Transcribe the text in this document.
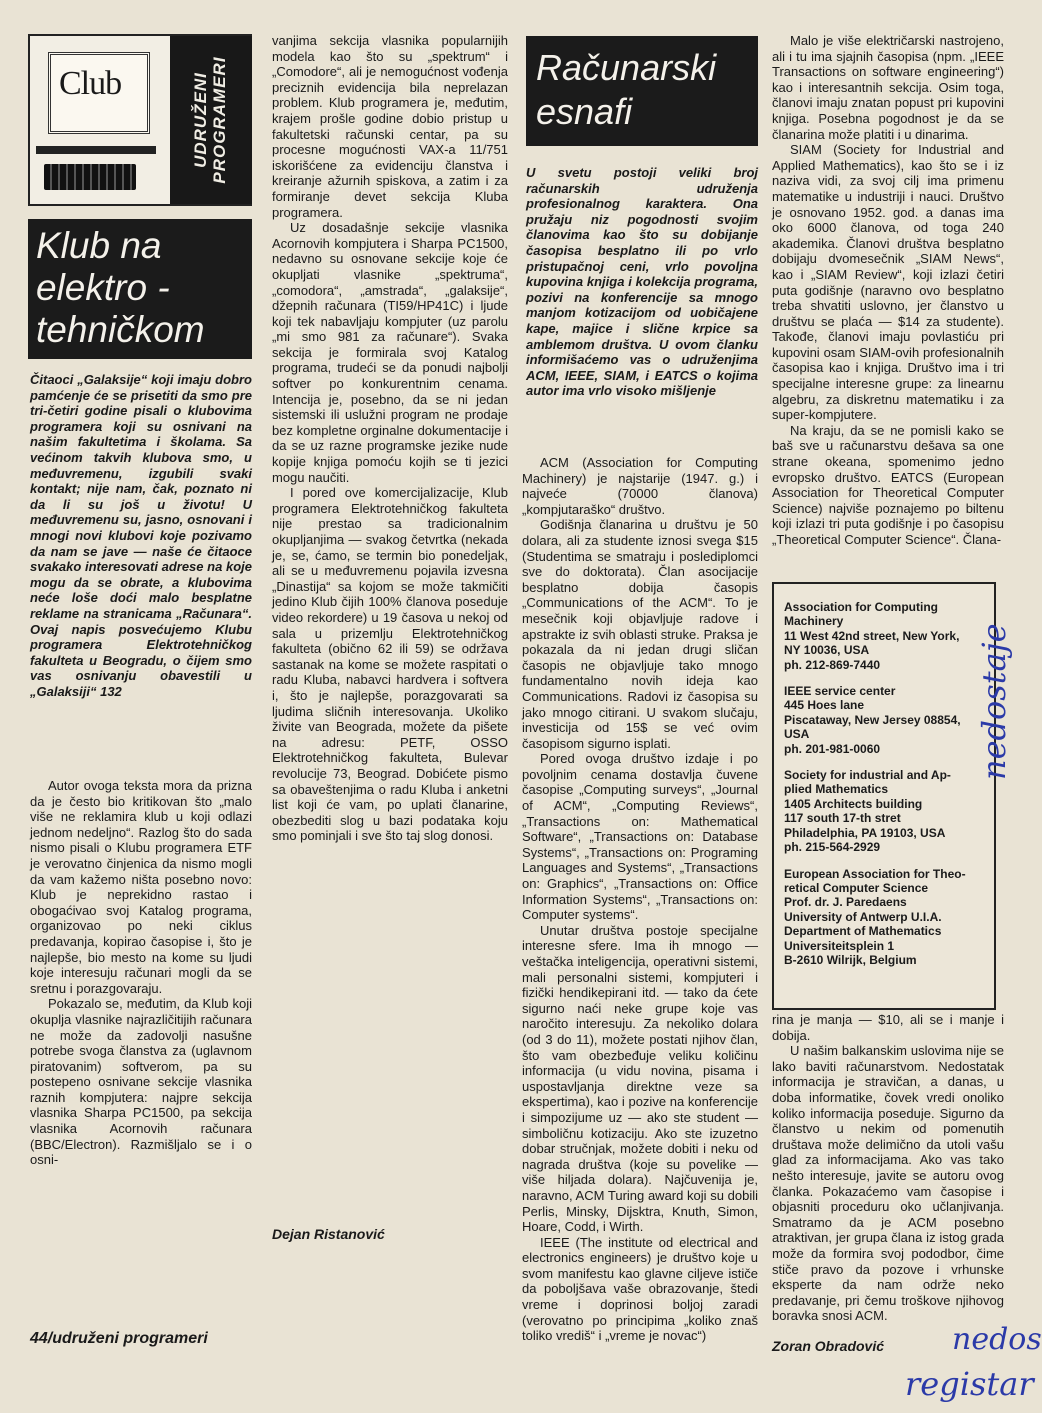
Club	UDRUŽENI
PROGRAMERI
Klub na
elektro -
tehničkom
Čitaoci „Galaksije“ koji imaju dobro pamćenje će se prisetiti da smo pre tri-četiri godine pisali o klubovima programera koji su osnivani na našim fakultetima i školama. Sa većinom takvih klubova smo, u međuvremenu, izgubili svaki kontakt; nije nam, čak, poznato ni da li su još u životu! U međuvremenu su, jasno, osnovani i mnogi novi klubovi koje pozivamo da nam se jave — naše će čitaoce svakako interesovati adrese na koje mogu da se obrate, a klubovima neće loše doći malo besplatne reklame na stranicama „Računara“. Ovaj napis posvećujemo Klubu programera Elektrotehničkog fakulteta u Beogradu, o čijem smo vas osnivanju obavestili u „Galaksiji“ 132

Autor ovoga teksta mora da prizna da je često bio kritikovan što „malo više ne reklamira klub u koji odlazi jednom nedeljno“. Razlog što do sada nismo pisali o Klubu programera ETF je verovatno činjenica da nismo mogli da vam kažemo ništa posebno novo: Klub je neprekidno rastao i obogaćivao svoj Katalog programa, organizovao po neki ciklus predavanja, kopirao časopise i, što je najlepše, bio mesto na kome su ljudi koje interesuju računari mogli da se sretnu i porazgovaraju.

Pokazalo se, međutim, da Klub koji okuplja vlasnike najrazličitijih računara ne može da zadovolji nasušne potrebe svoga članstva za (uglavnom piratovanim) softverom, pa su postepeno osnivane sekcije vlasnika raznih kompjutera: najpre sekcija vlasnika Sharpa PC1500, pa sekcija vlasnika Acornovih računara (BBC/Electron). Razmišljalo se i o osni-

44/udruženi programeri

vanjima sekcija vlasnika popularnijih modela kao što su „spektrum“ i „Comodore“, ali je nemogućnost vođenja preciznih evidencija bila neprelazan problem. Klub programera je, međutim, krajem prošle godine dobio pristup u fakultetski računski centar, pa su procesne mogućnosti VAX-a 11/751 iskorišćene za evidenciju članstva i kreiranje ažurnih spiskova, a zatim i za formiranje devet sekcija Kluba programera.

Uz dosadašnje sekcije vlasnika Acornovih kompjutera i Sharpa PC1500, nedavno su osnovane sekcije koje će okupljati vlasnike „spektruma“, „comodora“, „amstrada“, „galaksije“, džepnih računara (TI59/HP41C) i ljude koji tek nabavljaju kompjuter (uz parolu „mi smo 981 za računare“). Svaka sekcija je formirala svoj Katalog programa, trudeći se da ponudi najbolji softver po konkurentnim cenama. Intencija je, posebno, da se ni jedan sistemski ili uslužni program ne prodaje bez kompletne orginalne dokumentacije i da se uz razne programske jezike nude kopije knjiga pomoću kojih se ti jezici mogu naučiti.

I pored ove komercijalizacije, Klub programera Elektrotehničkog fakulteta nije prestao sa tradicionalnim okupljanjima — svakog četvrtka (nekada je, se, ćamo, se termin bio ponedeljak, ali se u međuvremenu pojavila izvesna „Dinastija“ sa kojom se može takmičiti jedino Klub čijih 100% članova poseduje video rekordere) u 19 časova u nekoj od sala u prizemlju Elektrotehničkog fakulteta (obično 62 ili 59) se održava sastanak na kome se možete raspitati o radu Kluba, nabavci hardvera i softvera i, što je najlepše, porazgovarati sa ljudima sličnih interesovanja. Ukoliko živite van Beograda, možete da pišete na adresu: PETF, OSSO Elektrotehničkog fakulteta, Bulevar revolucije 73, Beograd. Dobićete pismo sa obaveštenjima o radu Kluba i anketni list koji će vam, po uplati članarine, obezbediti slog u bazi podataka koju smo pominjali i sve što taj slog donosi.

Dejan Ristanović
Računarski
esnafi
U svetu postoji veliki broj računarskih udruženja profesionalnog karaktera. Ona pružaju niz pogodnosti svojim članovima kao što su dobijanje časopisa besplatno ili po vrlo pristupačnoj ceni, vrlo povoljna kupovina knjiga i kolekcija programa, pozivi na konferencije sa mnogo manjom kotizacijom od uobičajene kape, majice i slične krpice sa amblemom društva. U ovom članku informišaćemo vas o udruženjima ACM, IEEE, SIAM, i EATCS o kojima autor ima vrlo visoko mišljenje

ACM (Association for Computing Machinery) je najstarije (1947. g.) i najveće (70000 članova) „kompjutaraško“ društvo.

Godišnja članarina u društvu je 50 dolara, ali za studente iznosi svega $15 (Studentima se smatraju i poslediplomci sve do doktorata). Član asocijacije besplatno dobija časopis „Communications of the ACM“. To je mesečnik koji objavljuje radove i apstrakte iz svih oblasti struke. Praksa je pokazala da ni jedan drugi sličan časopis ne objavljuje tako mnogo fundamentalno novih ideja kao Communications. Radovi iz časopisa su jako mnogo citirani. U svakom slučaju, investicija od 15$ se već ovim časopisom sigurno isplati.

Pored ovoga društvo izdaje i po povoljnim cenama dostavlja čuvene časopise „Computing surveys“, „Journal of ACM“, „Computing Reviews“, „Transactions on: Mathematical Software“, „Transactions on: Database Systems“, „Transactions on: Programing Languages and Systems“, „Transactions on: Graphics“, „Transactions on: Office Information Systems“, „Transactions on: Computer systems“.

Unutar društva postoje specijalne interesne sfere. Ima ih mnogo — veštačka inteligencija, operativni sistemi, mali personalni sistemi, kompjuteri i fizički hendikepirani itd. — tako da ćete sigurno naći neke grupe koje vas naročito interesuju. Za nekoliko dolara (od 3 do 11), možete postati njihov član, što vam obezbeđuje veliku količinu informacija (u vidu novina, pisama i uspostavljanja direktne veze sa ekspertima), kao i pozive na konferencije i simpozijume uz — ako ste student — simboličnu kotizaciju. Ako ste izuzetno dobar stručnjak, možete dobiti i neku od nagrada društva (koje su povelike — više hiljada dolara). Najčuvenija je, naravno, ACM Turing award koji su dobili Perlis, Minsky, Dijsktra, Knuth, Simon, Hoare, Codd, i Wirth.

IEEE (The institute od electrical and electronics engineers) je društvo koje u svom manifestu kao glavne ciljeve ističe da poboljšava vaše obrazovanje, štedi vreme i doprinosi boljoj zaradi (verovatno po principima „koliko znaš toliko vrediš“ i „vreme je novac“)

Malo je više električarski nastrojeno, ali i tu ima sjajnih časopisa (npm. „IEEE Transactions on software engineering“) kao i interesantnih sekcija. Osim toga, članovi imaju znatan popust pri kupovini knjiga. Posebna pogodnost je da se članarina može platiti i u dinarima.

SIAM (Society for Industrial and Applied Mathematics), kao što se i iz naziva vidi, za svoj cilj ima primenu matematike u industriji i nauci. Društvo je osnovano 1952. god. a danas ima oko 6000 članova, od toga 240 akademika. Članovi društva besplatno dobijaju dvomesečnik „SIAM News“, kao i „SIAM Review“, koji izlazi četiri puta godišnje (naravno ovo besplatno treba shvatiti uslovno, jer članstvo u društvu se plaća — $14 za studente). Takođe, članovi imaju povlastiću pri kupovini osam SIAM-ovih profesionalnih časopisa kao i knjiga. Društvo ima i tri specijalne interesne grupe: za linearnu algebru, za diskretnu matematiku i za super-kompjutere.

Na kraju, da se ne pomisli kako se baš sve u računarstvu dešava sa one strane okeana, spomenimo jedno evropsko društvo. EATCS (European Association for Theoretical Computer Science) najviše poznajemo po biltenu koji izlazi tri puta godišnje i po časopisu „Theoretical Computer Science“. Člana-

Association for Computing
Machinery
11 West 42nd street, New York,
NY 10036, USA
ph. 212-869-7440
IEEE service center
445 Hoes lane
Piscataway, New Jersey 08854,
USA
ph. 201-981-0060
Society for industrial and Ap-
plied Mathematics
1405 Architects building
117 south 17-th stret
Philadelphia, PA 19103, USA
ph. 215-564-2929
European Association for Theo-
retical Computer Science
Prof. dr. J. Paredaens
University of Antwerp U.I.A.
Department of Mathematics
Universiteitsplein 1
B-2610 Wilrijk, Belgium

rina je manja — $10, ali se i manje i dobija.

U našim balkanskim uslovima nije se lako baviti računarstvom. Nedostatak informacija je stravičan, a danas, u doba informatike, čovek vredi onoliko koliko informacija poseduje. Sigurno da članstvo u nekim od pomenutih društava može delimično da utoli vašu glad za informacijama. Ako vas tako nešto interesuje, javite se autoru ovog članka. Pokazaćemo vam časopise i objasniti proceduru oko učlanjivanja. Smatramo da je ACM posebno atraktivan, jer grupa člana iz istog grada može da formira svoj pododbor, čime stiče pravo da pozove i vrhunske eksperte da nam održe neko predavanje, pri čemu troškove njihovog boravka snosi ACM.

Zoran Obradović
nedostaje
nedos
registar
